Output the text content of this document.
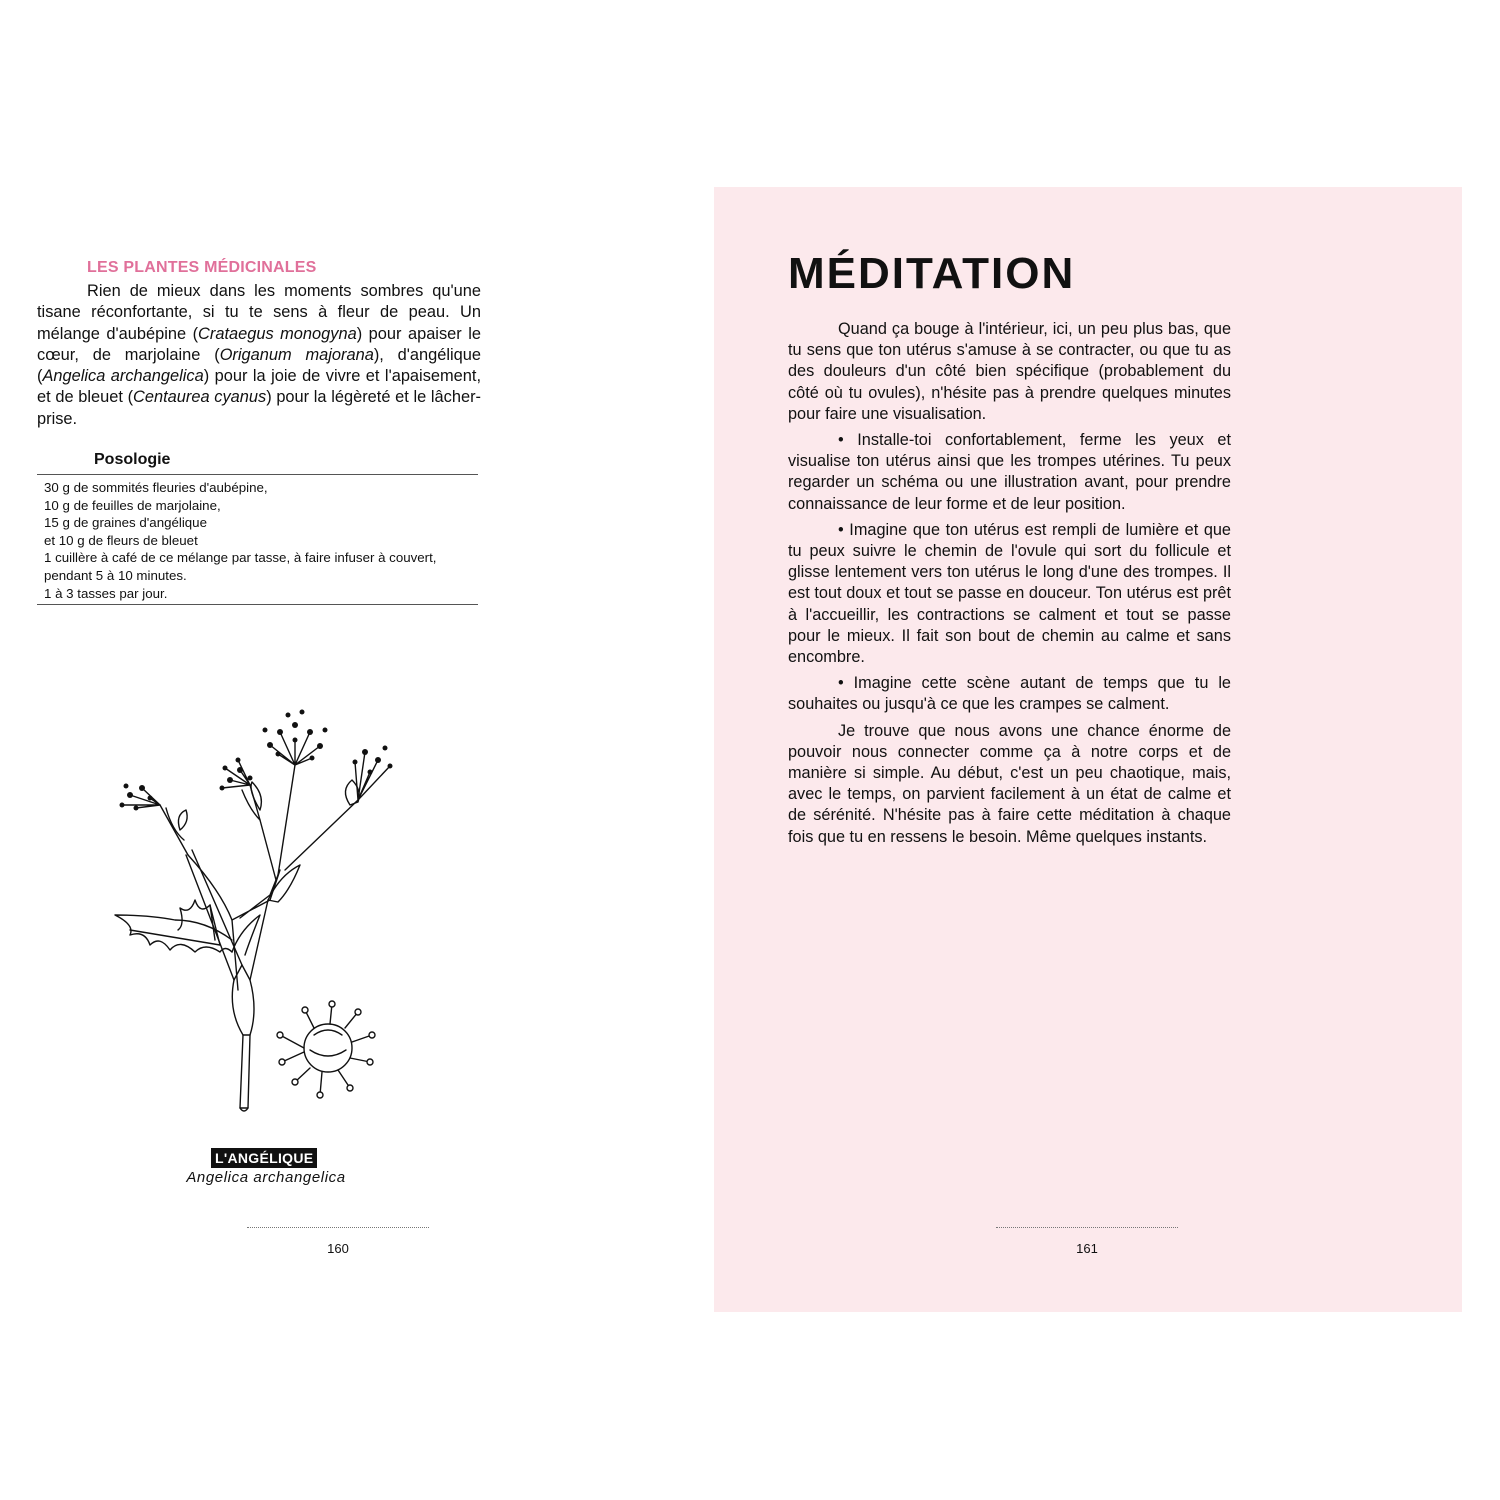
LES PLANTES MÉDICINALES

Rien de mieux dans les moments sombres qu'une tisane réconfortante, si tu te sens à fleur de peau. Un mélange d'aubépine (Crataegus monogyna) pour apaiser le cœur, de marjolaine (Origanum majorana), d'angélique (Angelica archangelica) pour la joie de vivre et l'apaisement, et de bleuet (Centaurea cyanus) pour la légèreté et le lâcher-prise.

Posologie
30 g de sommités fleuries d'aubépine,
10 g de feuilles de marjolaine,
15 g de graines d'angélique
et 10 g de fleurs de bleuet
1 cuillère à café de ce mélange par tasse, à faire infuser à couvert,
pendant 5 à 10 minutes.
1 à 3 tasses par jour.
L'ANGÉLIQUE
Angelica archangelica
160
MÉDITATION

Quand ça bouge à l'intérieur, ici, un peu plus bas, que tu sens que ton utérus s'amuse à se contracter, ou que tu as des douleurs d'un côté bien spécifique (probablement du côté où tu ovules), n'hésite pas à prendre quelques minutes pour faire une visualisation.

• Installe-toi confortablement, ferme les yeux et visualise ton utérus ainsi que les trompes utérines. Tu peux regarder un schéma ou une illustration avant, pour prendre connaissance de leur forme et de leur position.

• Imagine que ton utérus est rempli de lumière et que tu peux suivre le chemin de l'ovule qui sort du follicule et glisse lentement vers ton utérus le long d'une des trompes. Il est tout doux et tout se passe en douceur. Ton utérus est prêt à l'accueillir, les contractions se calment et tout se passe pour le mieux. Il fait son bout de chemin au calme et sans encombre.

• Imagine cette scène autant de temps que tu le souhaites ou jusqu'à ce que les crampes se calment.

Je trouve que nous avons une chance énorme de pouvoir nous connecter comme ça à notre corps et de manière si simple. Au début, c'est un peu chaotique, mais, avec le temps, on parvient facilement à un état de calme et de sérénité. N'hésite pas à faire cette méditation à chaque fois que tu en ressens le besoin. Même quelques instants.

161
